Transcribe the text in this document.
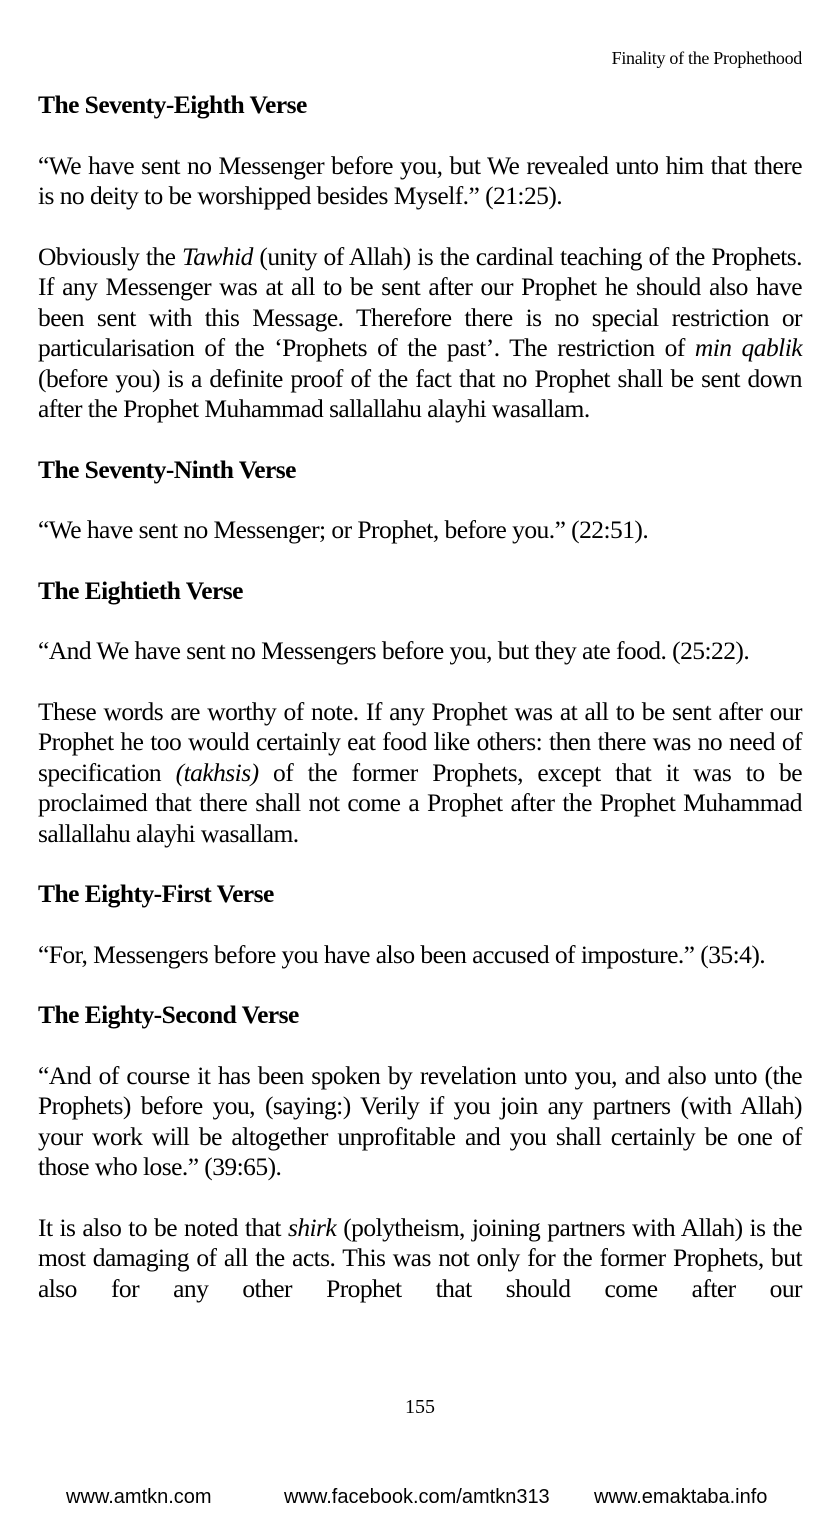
Finality of the Prophethood
The Seventy-Eighth Verse

“We have sent no Messenger before you, but We revealed unto him that there is no deity to be worshipped besides Myself.” (21:25).

Obviously the Tawhid (unity of Allah) is the cardinal teaching of the Prophets. If any Messenger was at all to be sent after our Prophet he should also have been sent with this Message. Therefore there is no special restriction or particularisation of the ‘Prophets of the past’. The restriction of min qablik (before you) is a definite proof of the fact that no Prophet shall be sent down after the Prophet Muhammad sallallahu alayhi wasallam.

The Seventy-Ninth Verse

“We have sent no Messenger; or Prophet, before you.” (22:51).

The Eightieth Verse

“And We have sent no Messengers before you, but they ate food. (25:22).

These words are worthy of note. If any Prophet was at all to be sent after our Prophet he too would certainly eat food like others: then there was no need of specification (takhsis) of the former Prophets, except that it was to be proclaimed that there shall not come a Prophet after the Prophet Muhammad sallallahu alayhi wasallam.

The Eighty-First Verse

“For, Messengers before you have also been accused of imposture.” (35:4).

The Eighty-Second Verse

“And of course it has been spoken by revelation unto you, and also unto (the Prophets) before you, (saying:) Verily if you join any partners (with Allah) your work will be altogether unprofitable and you shall certainly be one of those who lose.” (39:65).

It is also to be noted that shirk (polytheism, joining partners with Allah) is the most damaging of all the acts. This was not only for the former Prophets, but also for any other Prophet that should come after our

155
www.amtkn.com	www.facebook.com/amtkn313 www.emaktaba.info
